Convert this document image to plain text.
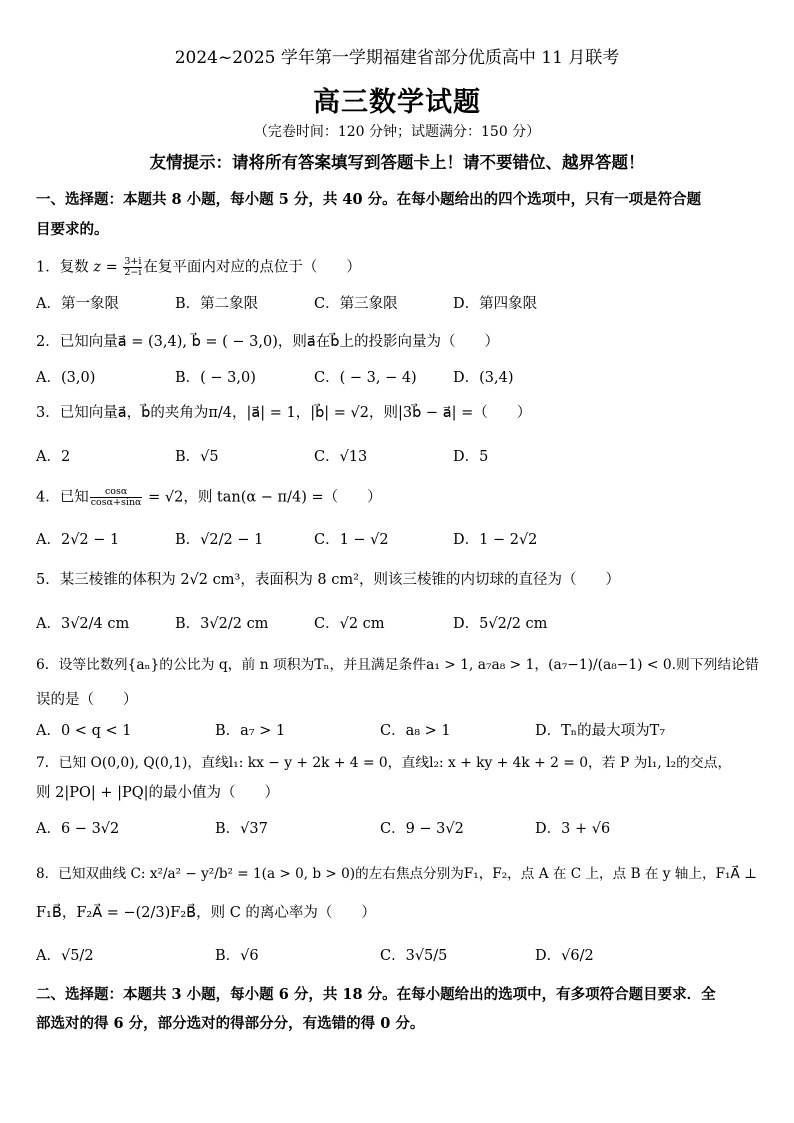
2024~2025 学年第一学期福建省部分优质高中 11 月联考
高三数学试题
（完卷时间：120 分钟；试题满分：150 分）
友情提示：请将所有答案填写到答题卡上！请不要错位、越界答题！
一、选择题：本题共 8 小题，每小题 5 分，共 40 分。在每小题给出的四个选项中，只有一项是符合题
目要求的。
1．复数 $z = \frac{3+i}{2-i}$ 在复平面内对应的点位于（　　）
A．第一象限	B．第二象限	C．第三象限	D．第四象限
2．已知向量a⃗ = (3,4), b⃗ = ( − 3,0)，则a⃗在b⃗上的投影向量为（　　）
A．(3,0)	B．( − 3,0)	C．( − 3, − 4)	D．(3,4)
3．已知向量a⃗，b⃗的夹角为π/4，|a⃗| = 1，|b⃗| = √2，则|3b⃗ − a⃗| =（　　）
A．2	B．√5	C．√13	D．5
4．已知 $\frac{\cos\alpha}{\cos\alpha+\sin\alpha} = √2$，则 tan(α − π/4) =（　　）
A．2√2 − 1	B．√2/2 − 1	C．1 − √2	D．1 − 2√2
5．某三棱锥的体积为 2√2 cm³，表面积为 8 cm²，则该三棱锥的内切球的直径为（　　）
A．3√2/4 cm	B．3√2/2 cm	C．√2 cm	D．5√2/2 cm
6．设等比数列{aₙ}的公比为 q，前 n 项积为Tₙ，并且满足条件a₁ > 1, a₇a₈ > 1，(a₇−1)/(a₈−1) < 0.则下列结论错
误的是（　　）
A．0 < q < 1	B．a₇ > 1	C．a₈ > 1	D．Tₙ的最大项为T₇
7．已知 O(0,0), Q(0,1)，直线l₁: kx − y + 2k + 4 = 0，直线l₂: x + ky + 4k + 2 = 0，若 P 为l₁, l₂的交点，
则 2|PO| + |PQ|的最小值为（　　）
A．6 − 3√2	B．√37	C．9 − 3√2	D．3 + √6
8．已知双曲线 C: x²/a² − y²/b² = 1(a > 0, b > 0)的左右焦点分别为F₁，F₂，点 A 在 C 上，点 B 在 y 轴上，F₁A⃗ ⊥
F₁B⃗，F₂A⃗ = −(2/3)F₂B⃗，则 C 的离心率为（　　）
A．√5/2	B．√6	C．3√5/5	D．√6/2
二、选择题：本题共 3 小题，每小题 6 分，共 18 分。在每小题给出的选项中，有多项符合题目要求．全
部选对的得 6 分，部分选对的得部分分，有选错的得 0 分。
